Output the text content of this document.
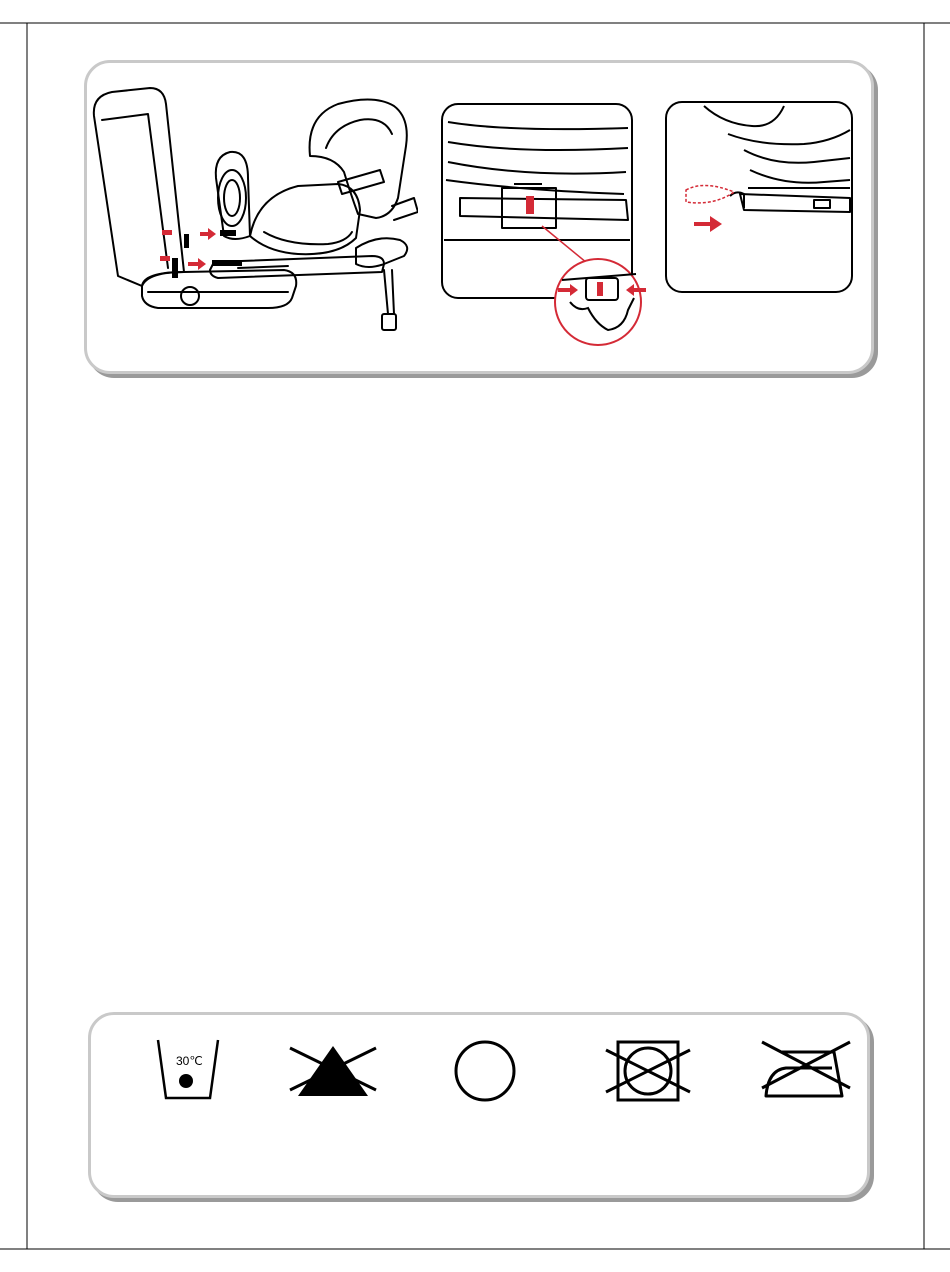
30℃
